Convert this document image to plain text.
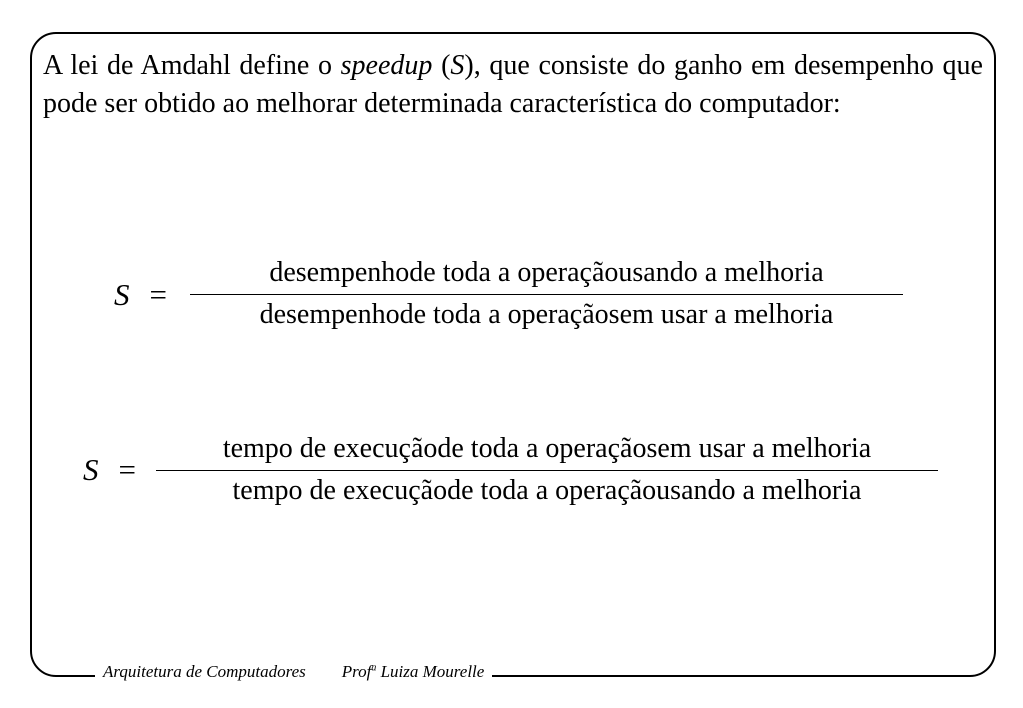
Arquitetura de Computadores Prof$^a$ Luiza Mourelle
A lei de Amdahl define o speedup (S), que consiste do ganho em desempenho que pode ser obtido ao melhorar determinada característica do computador:
S =
desempenhode toda a operaçãousando a melhoria
desempenhode toda a operaçãosem usar a melhoria
S =
tempo de execuçãode toda a operaçãosem usar a melhoria
tempo de execuçãode toda a operaçãousando a melhoria
